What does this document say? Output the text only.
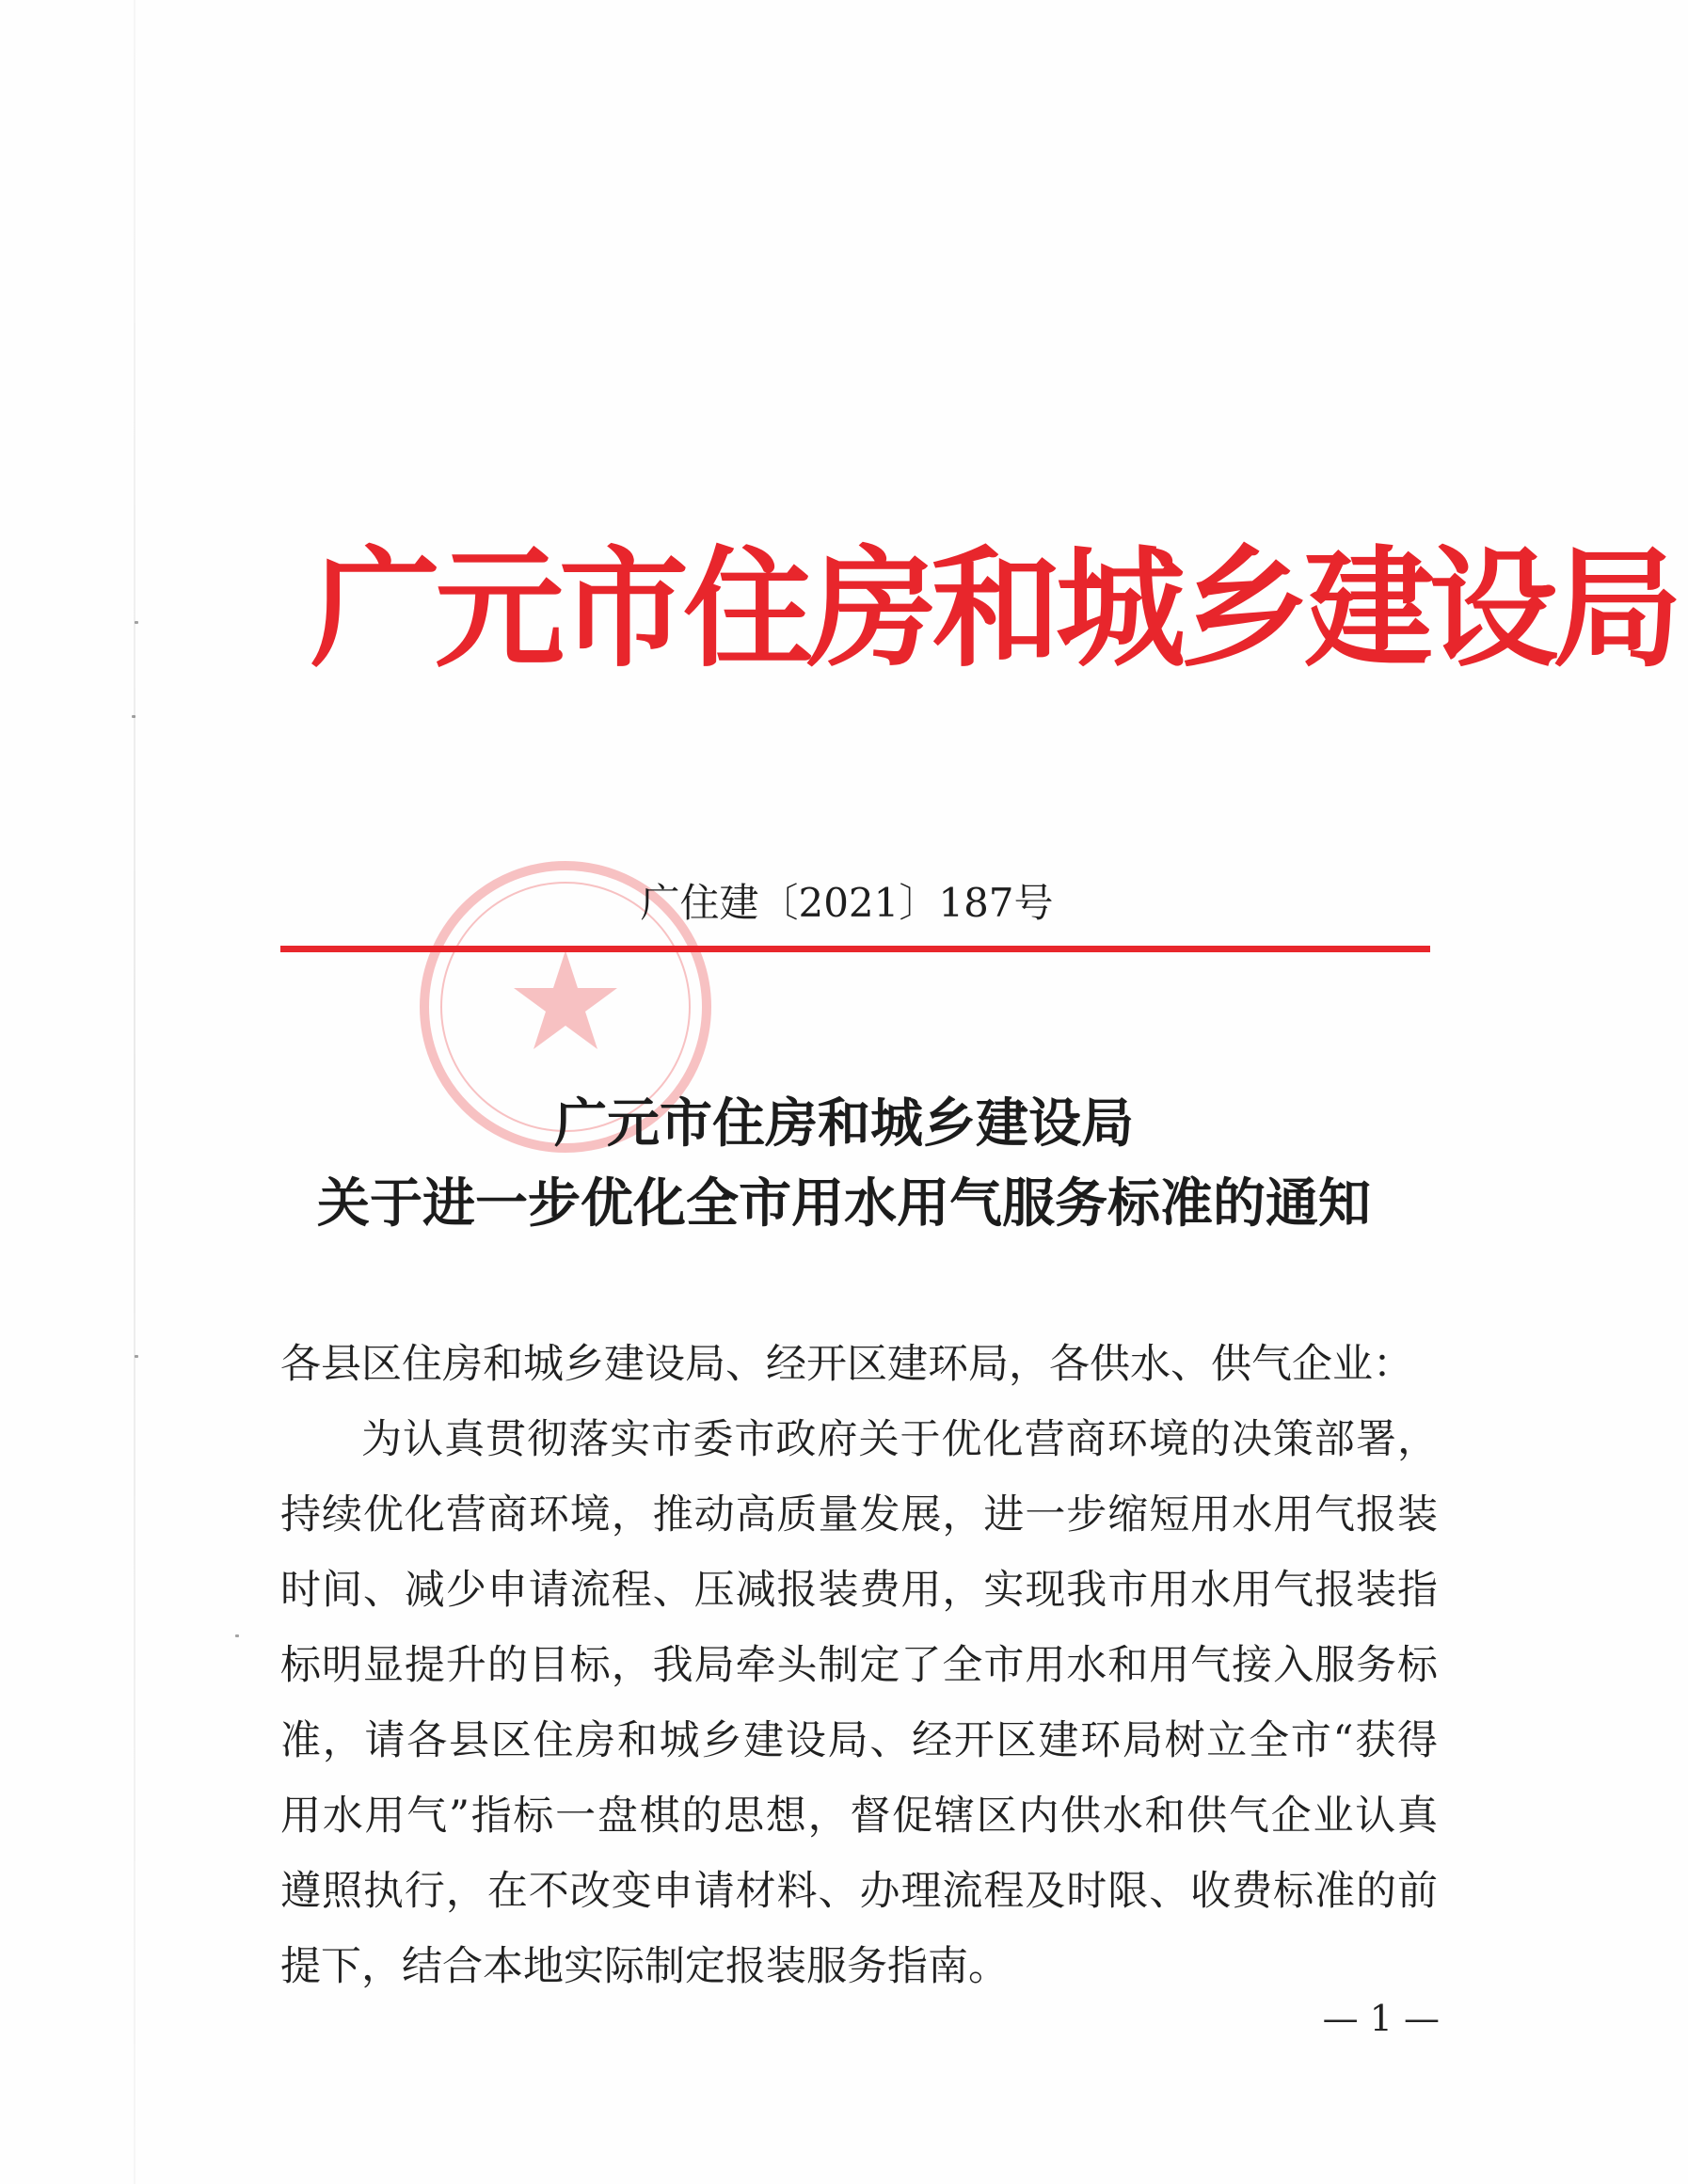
广元市住房和城乡建设局
广住建〔2021〕187号
广元市住房和城乡建设局
关于进一步优化全市用水用气服务标准的通知
各县区住房和城乡建设局、经开区建环局，各供水、供气企业：
为认真贯彻落实市委市政府关于优化营商环境的决策部署，
持续优化营商环境，推动高质量发展，进一步缩短用水用气报装
时间、减少申请流程、压减报装费用，实现我市用水用气报装指
标明显提升的目标，我局牵头制定了全市用水和用气接入服务标
准，请各县区住房和城乡建设局、经开区建环局树立全市“获得
用水用气”指标一盘棋的思想，督促辖区内供水和供气企业认真
遵照执行，在不改变申请材料、办理流程及时限、收费标准的前
提下，结合本地实际制定报装服务指南。
— 1 —
